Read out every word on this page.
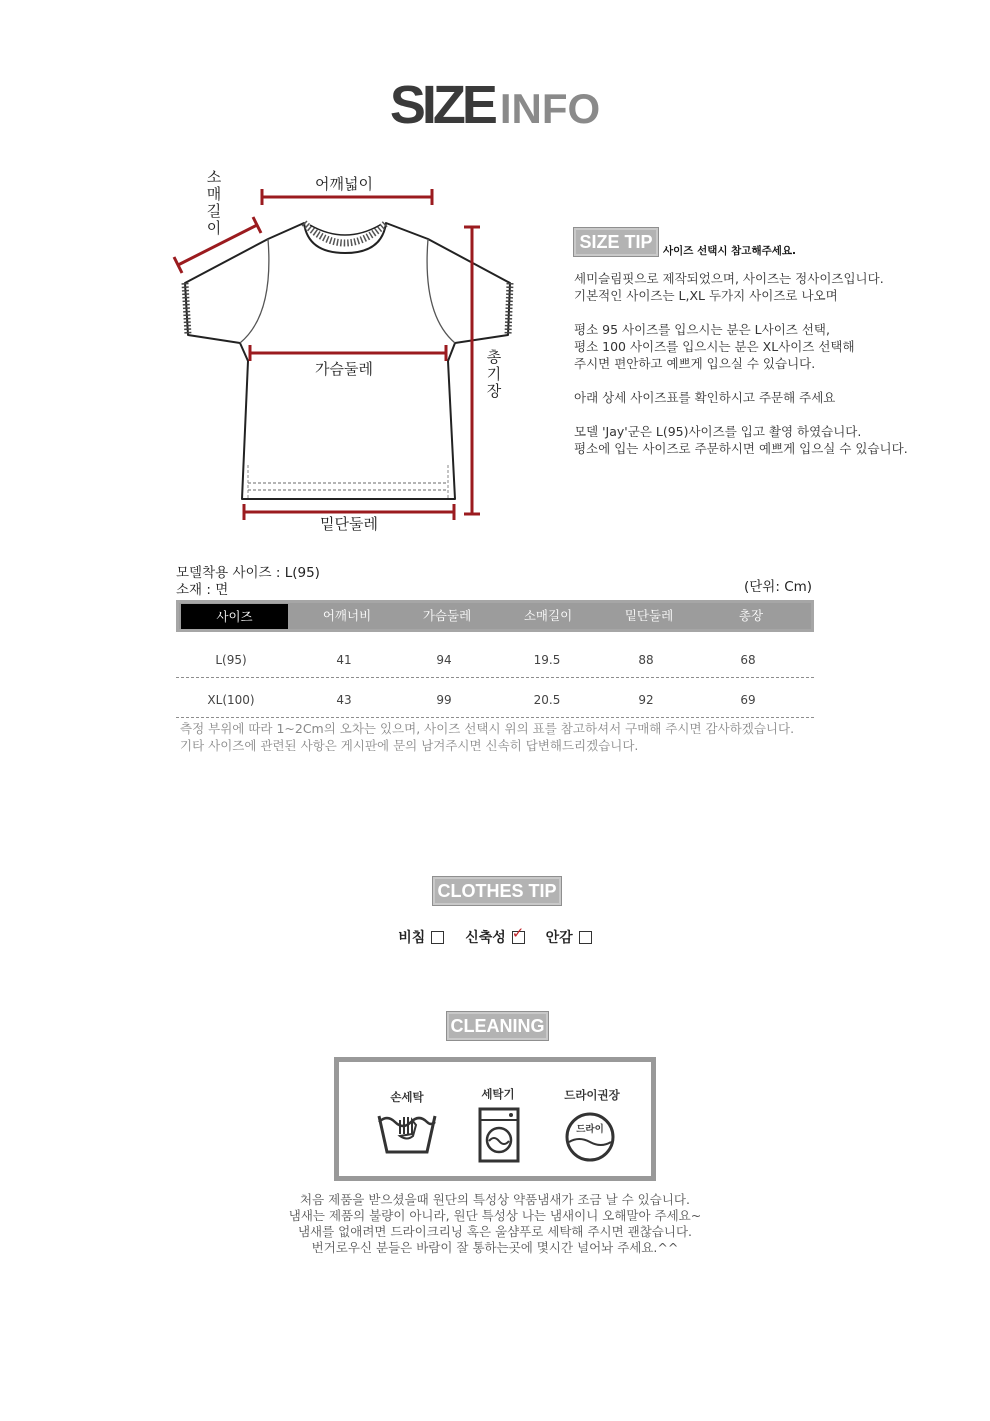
SIZE INFO
어깨넓이
소매길이
가슴둘레
총기장
밑단둘레
SIZE TIP	사이즈 선택시 참고해주세요.
세미슬림핏으로 제작되었으며, 사이즈는 정사이즈입니다.
기본적인 사이즈는 L,XL 두가지 사이즈로 나오며
평소 95 사이즈를 입으시는 분은 L사이즈 선택,
평소 100 사이즈를 입으시는 분은 XL사이즈 선택해
주시면 편안하고 예쁘게 입으실 수 있습니다.
아래 상세 사이즈표를 확인하시고 주문해 주세요
모델 'Jay'군은 L(95)사이즈를 입고 촬영 하였습니다.
평소에 입는 사이즈로 주문하시면 예쁘게 입으실 수 있습니다.
모델착용 사이즈 : L(95)
소재 : 면	(단위: Cm)
사이즈	어깨너비	가슴둘레	소매길이	밑단둘레	총장
L(95)	41	94	19.5	88	68
XL(100)	43	99	20.5	92	69
측정 부위에 따라 1~2Cm의 오차는 있으며, 사이즈 선택시 위의 표를 참고하셔서 구매해 주시면 감사하겠습니다.
기타 사이즈에 관련된 사항은 게시판에 문의 남겨주시면 신속히 답변해드리겠습니다.
CLOTHES TIP
비침	신축성 ✓ 안감
CLEANING
손세탁	세탁기	드라이권장
드라이
처음 제품을 받으셨을때 원단의 특성상 약품냄새가 조금 날 수 있습니다.
냄새는 제품의 불량이 아니라, 원단 특성상 나는 냄새이니 오해말아 주세요~
냄새를 없애려면 드라이크리닝 혹은 울샴푸로 세탁해 주시면 괜찮습니다.
번거로우신 분들은 바람이 잘 통하는곳에 몇시간 널어놔 주세요.^^
